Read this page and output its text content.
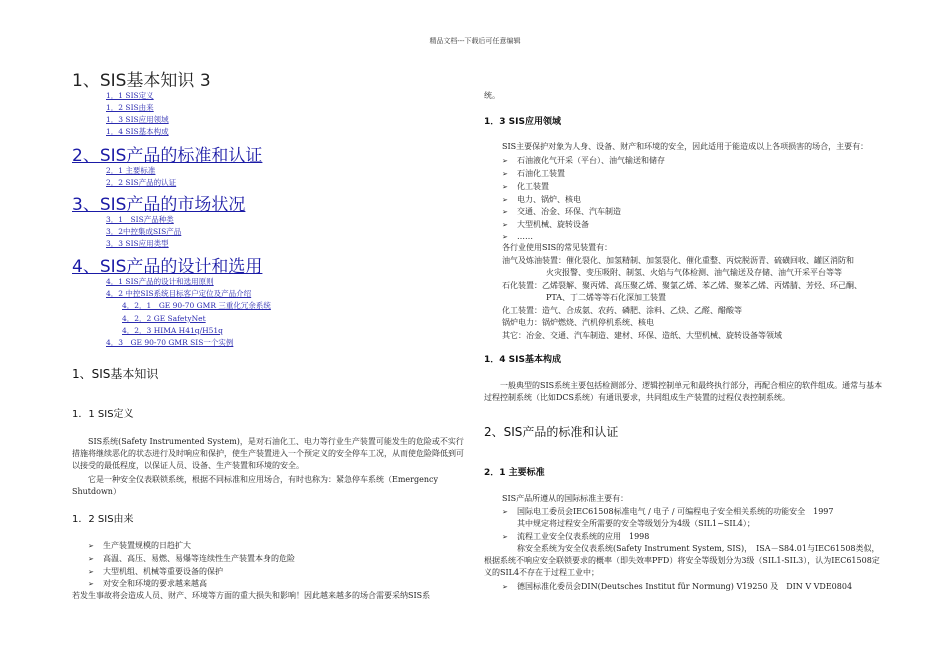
精品文档---下载后可任意编辑
1、SIS基本知识 3
1．1 SIS定义
1．2 SIS由来
1．3 SIS应用领域
1．4 SIS基本构成
2、SIS产品的标准和认证
2．1 主要标准
2．2 SIS产品的认证
3、SIS产品的市场状况
3．1　SIS产品种类
3．2中控集成SIS产品
3．3 SIS应用类型
4、SIS产品的设计和选用
4．1 SIS产品的设计和选用原则
4．2 中控SIS系统目标客户定位及产品介绍
4．2．1　GE 90-70 GMR 三重化冗余系统
4．2．2 GE SafetyNet
4．2．3 HIMA H41q/H51q
4．3　GE 90-70 GMR SIS一个实例
1、SIS基本知识
1．1 SIS定义
SIS系统(Safety Instrumented System)，是对石油化工、电力等行业生产装置可能发生的危险或不实行措施将继续恶化的状态进行及时响应和保护，使生产装置进入一个预定义的安全停车工况，从而使危险降低到可以接受的最低程度，以保证人员、设备、生产装置和环境的安全。
它是一种安全仪表联锁系统，根据不同标准和应用场合，有时也称为：紧急停车系统（Emergency Shutdown）
1．2 SIS由来
➢ 生产装置规模的日趋扩大
➢ 高温、高压、易燃、易爆等连续性生产装置本身的危险
➢ 大型机组、机械等重要设备的保护
➢ 对安全和环境的要求越来越高
若发生事故将会造成人员、财产、环境等方面的重大损失和影响！因此越来越多的场合需要采纳SIS系
统。
1．3 SIS应用领域
SIS主要保护对象为人身、设备、财产和环境的安全，因此适用于能造成以上各项损害的场合，主要有：
➢ 石油液化气开采（平台）、油气输送和储存
➢ 石油化工装置
➢ 化工装置
➢ 电力、锅炉、核电
➢ 交通、冶金、环保、汽车制造
➢ 大型机械、旋转设备
➢ ……
各行业使用SIS的常见装置有：
油气及炼油装置：催化裂化、加氢精制、加氢裂化、催化重整、丙烷脱沥青、硫磺回收、罐区消防和
火灾报警、变压吸附、制氢、火焰与气体检测、油气输送及存储、油气开采平台等等
石化装置：乙烯裂解、聚丙烯、高压聚乙烯、聚氯乙烯、苯乙烯、聚苯乙烯、丙烯腈、芳烃、环己酮、
PTA、丁二烯等等石化深加工装置
化工装置：造气、合成氨、农药、磷肥、涂料、乙炔、乙醛、醋酸等
锅炉电力：锅炉燃烧、汽机停机系统、核电
其它：冶金、交通、汽车制造、建材、环保、造纸、大型机械、旋转设备等领域
1．4 SIS基本构成
一般典型的SIS系统主要包括检测部分、逻辑控制单元和最终执行部分，再配合相应的软件组成。通常与基本过程控制系统（比如DCS系统）有通讯要求，共同组成生产装置的过程仪表控制系统。
2、SIS产品的标准和认证
2．1 主要标准
SIS产品所遵从的国际标准主要有：
➢ 国际电工委员会IEC61508标准电气 / 电子 / 可编程电子安全相关系统的功能安全　1997
其中规定将过程安全所需要的安全等级划分为4级（SIL1~SIL4）；
➢ 流程工业安全仪表系统的应用　1998
称安全系统为安全仪表系统(Safety Instrument System, SIS)，　ISA－S84.01与IEC61508类似，根据系统不响应安全联锁要求的概率（即失效率PFD）将安全等级划分为3级（SIL1-SIL3），认为IEC61508定义的SIL4不存在于过程工业中；
➢ 德国标准化委员会DIN(Deutsches Institut für Normung) V19250 及　DIN V VDE0804
